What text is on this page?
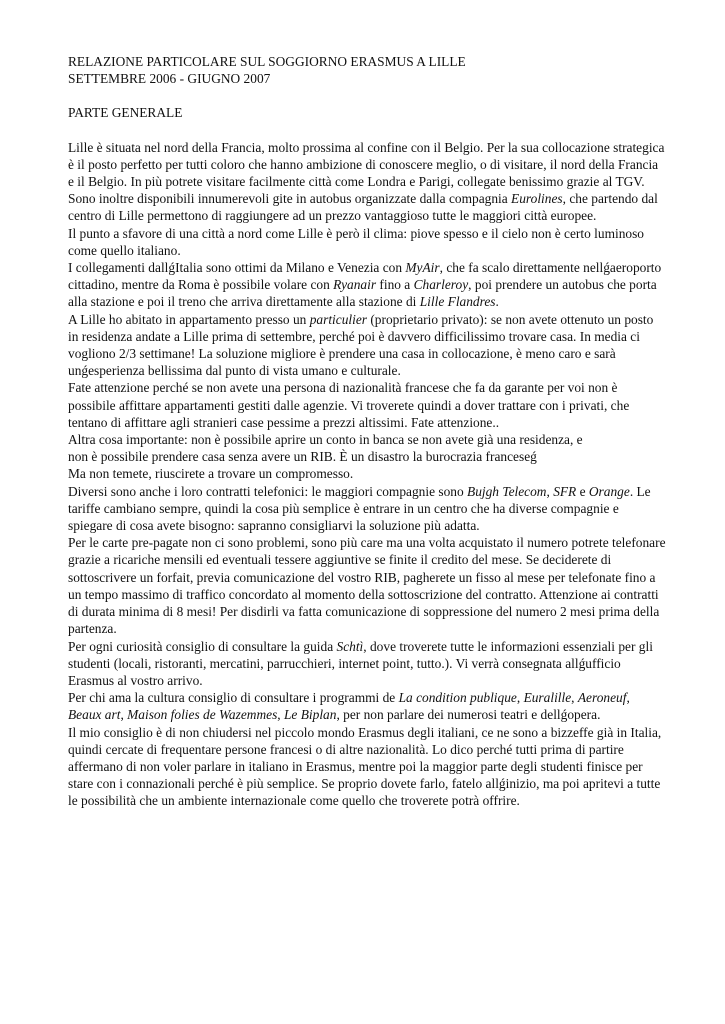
RELAZIONE PARTICOLARE SUL SOGGIORNO ERASMUS A LILLE
SETTEMBRE 2006 - GIUGNO 2007
PARTE GENERALE

Lille è situata nel nord della Francia, molto prossima al confine con il Belgio. Per la sua collocazione strategica è il posto perfetto per tutti coloro che hanno ambizione di conoscere meglio, o di visitare, il nord della Francia e il Belgio. In più potrete visitare facilmente città come Londra e Parigi, collegate benissimo grazie al TGV. Sono inoltre disponibili innumerevoli gite in autobus organizzate dalla compagnia Eurolines, che partendo dal centro di Lille permettono di raggiungere ad un prezzo vantaggioso tutte le maggiori città europee.

Il punto a sfavore di una città a nord come Lille è però il clima: piove spesso e il cielo non è certo luminoso come quello italiano.

I collegamenti dallǵItalia sono ottimi da Milano e Venezia con MyAir, che fa scalo direttamente nellǵaeroporto cittadino, mentre da Roma è possibile volare con Ryanair fino a Charleroy, poi prendere un autobus che porta alla stazione e poi il treno che arriva direttamente alla stazione di Lille Flandres.

A Lille ho abitato in appartamento presso un particulier (proprietario privato): se non avete ottenuto un posto in residenza andate a Lille prima di settembre, perché poi è davvero difficilissimo trovare casa. In media ci vogliono 2/3 settimane! La soluzione migliore è prendere una casa in collocazione, è meno caro e sarà unǵesperienza bellissima dal punto di vista umano e culturale.

Fate attenzione perché se non avete una persona di nazionalità francese che fa da garante per voi non è possibile affittare appartamenti gestiti dalle agenzie. Vi troverete quindi a dover trattare con i privati, che tentano di affittare agli stranieri case pessime a prezzi altissimi. Fate attenzione..

Altra cosa importante: non è possibile aprire un conto in banca se non avete già una residenza, e
non è possibile prendere casa senza avere un RIB. È un disastro la burocrazia franceseǵ
Ma non temete, riuscirete a trovare un compromesso.

Diversi sono anche i loro contratti telefonici: le maggiori compagnie sono Bujgh Telecom, SFR e Orange. Le tariffe cambiano sempre, quindi la cosa più semplice è entrare in un centro che ha diverse compagnie e spiegare di cosa avete bisogno: sapranno consigliarvi la soluzione più adatta.

Per le carte pre-pagate non ci sono problemi, sono più care ma una volta acquistato il numero potrete telefonare grazie a ricariche mensili ed eventuali tessere aggiuntive se finite il credito del mese. Se deciderete di sottoscrivere un forfait, previa comunicazione del vostro RIB, pagherete un fisso al mese per telefonate fino a un tempo massimo di traffico concordato al momento della sottoscrizione del contratto. Attenzione ai contratti di durata minima di 8 mesi! Per disdirli va fatta comunicazione di soppressione del numero 2 mesi prima della partenza.

Per ogni curiosità consiglio di consultare la guida Schtì, dove troverete tutte le informazioni essenziali per gli studenti (locali, ristoranti, mercatini, parrucchieri, internet point, tutto.). Vi verrà consegnata allǵufficio Erasmus al vostro arrivo.

Per chi ama la cultura consiglio di consultare i programmi de La condition publique, Euralille, Aeroneuf, Beaux art, Maison folies de Wazemmes, Le Biplan, per non parlare dei numerosi teatri e dellǵopera.

Il mio consiglio è di non chiudersi nel piccolo mondo Erasmus degli italiani, ce ne sono a bizzeffe già in Italia, quindi cercate di frequentare persone francesi o di altre nazionalità. Lo dico perché tutti prima di partire affermano di non voler parlare in italiano in Erasmus, mentre poi la maggior parte degli studenti finisce per stare con i connazionali perché è più semplice. Se proprio dovete farlo, fatelo allǵinizio, ma poi apritevi a tutte le possibilità che un ambiente internazionale come quello che troverete potrà offrire.
